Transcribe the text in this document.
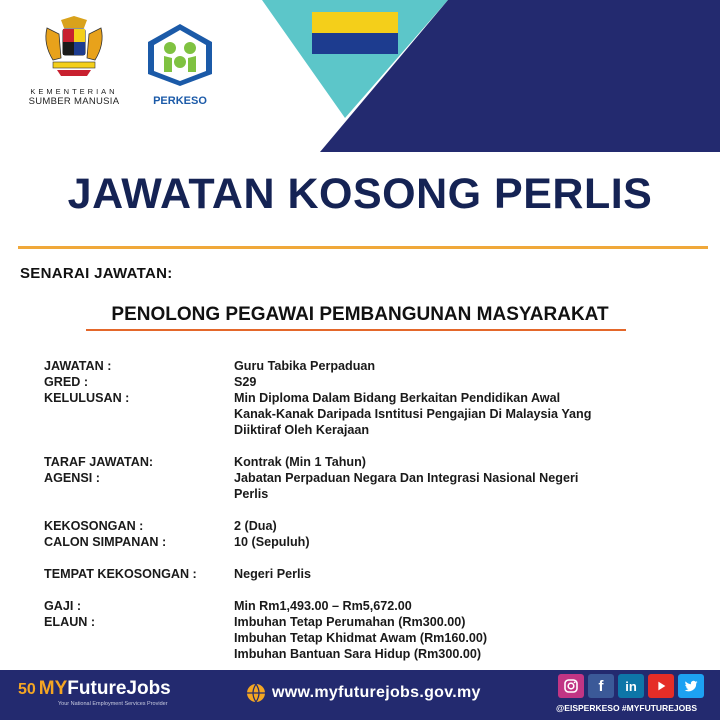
KEMENTERIAN
SUMBER MANUSIA	PERKESO
JAWATAN KOSONG PERLIS
SENARAI JAWATAN:
PENOLONG PEGAWAI PEMBANGUNAN MASYARAKAT
JAWATAN :	Guru Tabika Perpaduan
GRED :	S29
KELULUSAN :	Min Diploma Dalam Bidang Berkaitan Pendidikan Awal
Kanak-Kanak Daripada Isntitusi Pengajian Di Malaysia Yang
Diiktiraf Oleh Kerajaan
TARAF JAWATAN:	Kontrak (Min 1 Tahun)
AGENSI :	Jabatan Perpaduan Negara Dan Integrasi Nasional Negeri
Perlis
KEKOSONGAN :	2 (Dua)
CALON SIMPANAN :	10 (Sepuluh)
TEMPAT KEKOSONGAN :	Negeri Perlis
GAJI :	Min Rm1,493.00 – Rm5,672.00
ELAUN :	Imbuhan Tetap Perumahan (Rm300.00)
Imbuhan Tetap Khidmat Awam (Rm160.00)
Imbuhan Bantuan Sara Hidup (Rm300.00)
50 MYFutureJobs
Your National Employment Services Provider
www.myfuturejobs.gov.my	f	in
@EISPERKESO #MYFUTUREJOBS
